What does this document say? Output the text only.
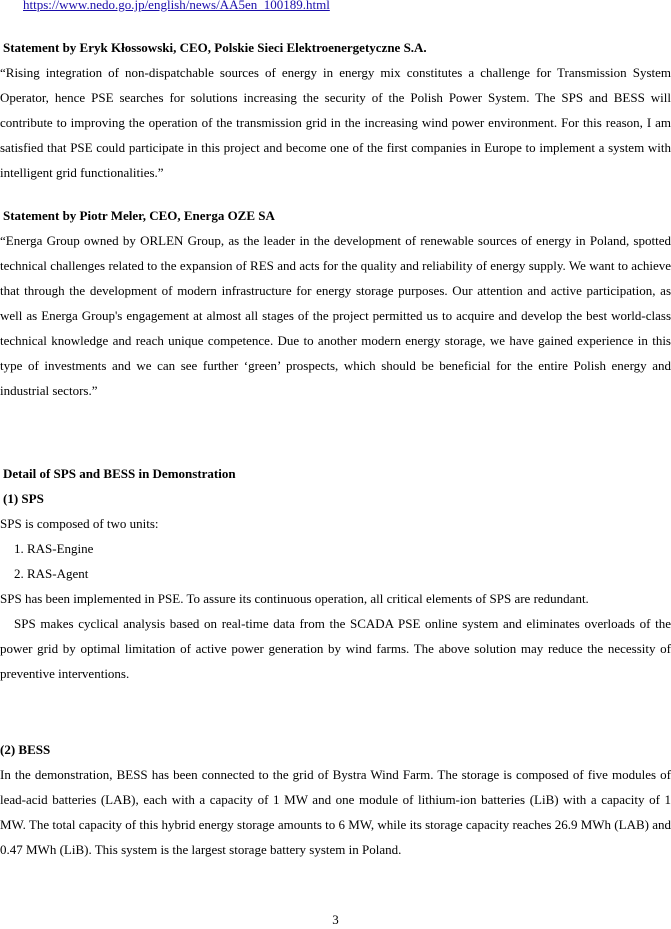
https://www.nedo.go.jp/english/news/AA5en_100189.html
Statement by Eryk Kłossowski, CEO, Polskie Sieci Elektroenergetyczne S.A.

“Rising integration of non-dispatchable sources of energy in energy mix constitutes a challenge for Transmission System Operator, hence PSE searches for solutions increasing the security of the Polish Power System. The SPS and BESS will contribute to improving the operation of the transmission grid in the increasing wind power environment. For this reason, I am satisfied that PSE could participate in this project and become one of the first companies in Europe to implement a system with intelligent grid functionalities.”

Statement by Piotr Meler, CEO, Energa OZE SA

“Energa Group owned by ORLEN Group, as the leader in the development of renewable sources of energy in Poland, spotted technical challenges related to the expansion of RES and acts for the quality and reliability of energy supply. We want to achieve that through the development of modern infrastructure for energy storage purposes. Our attention and active participation, as well as Energa Group's engagement at almost all stages of the project permitted us to acquire and develop the best world-class technical knowledge and reach unique competence. Due to another modern energy storage, we have gained experience in this type of investments and we can see further ‘green’ prospects, which should be beneficial for the entire Polish energy and industrial sectors.”

Detail of SPS and BESS in Demonstration
(1) SPS
SPS is composed of two units:
1. RAS-Engine
2. RAS-Agent

SPS has been implemented in PSE. To assure its continuous operation, all critical elements of SPS are redundant.

SPS makes cyclical analysis based on real-time data from the SCADA PSE online system and eliminates overloads of the power grid by optimal limitation of active power generation by wind farms. The above solution may reduce the necessity of preventive interventions.

(2) BESS

In the demonstration, BESS has been connected to the grid of Bystra Wind Farm. The storage is composed of five modules of lead-acid batteries (LAB), each with a capacity of 1 MW and one module of lithium-ion batteries (LiB) with a capacity of 1 MW. The total capacity of this hybrid energy storage amounts to 6 MW, while its storage capacity reaches 26.9 MWh (LAB) and 0.47 MWh (LiB). This system is the largest storage battery system in Poland.

3
